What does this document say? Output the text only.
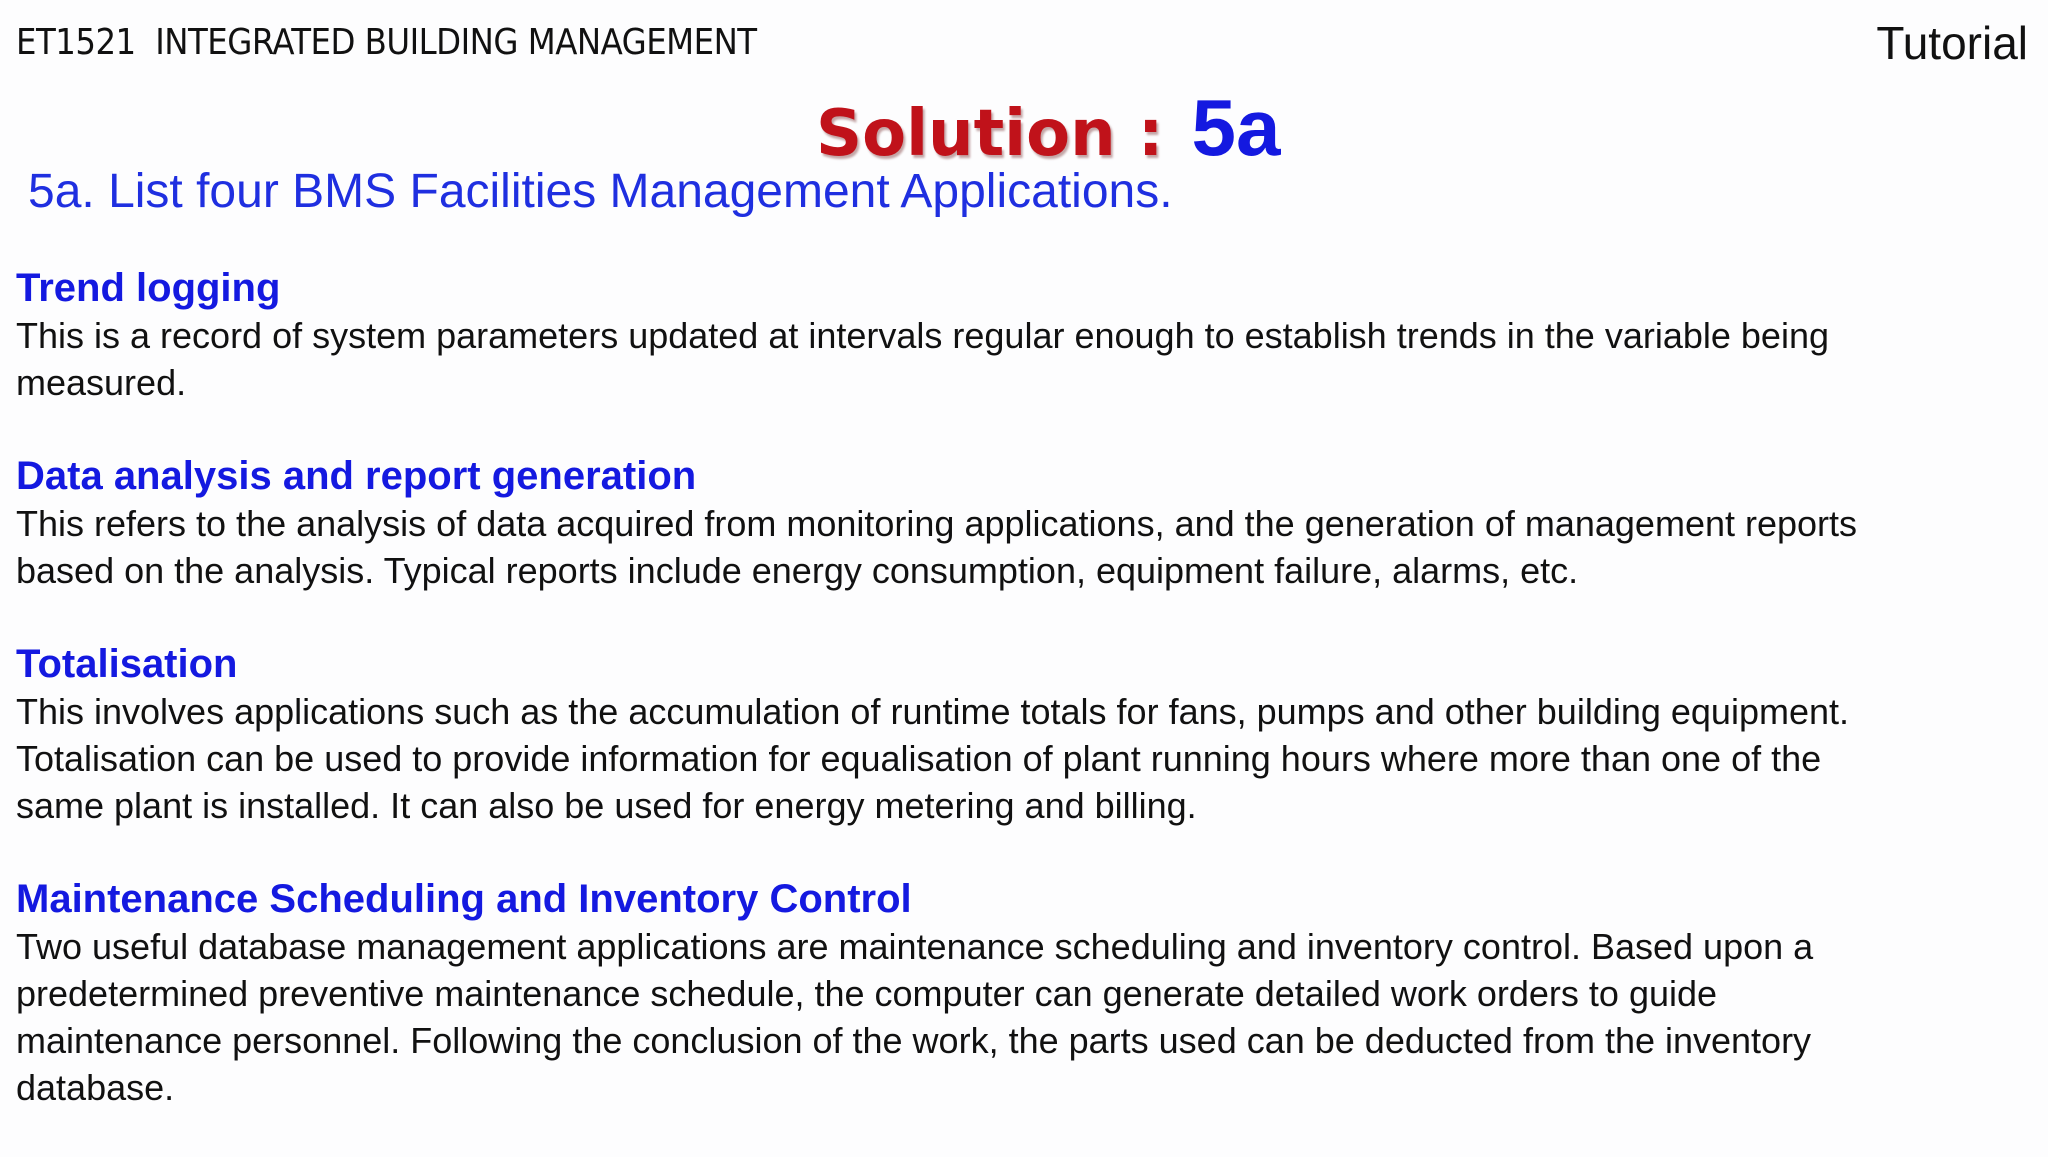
ET1521  INTEGRATED BUILDING MANAGEMENT	Tutorial
Solution : 5a
5a. List four BMS Facilities Management Applications.
Trend logging
This is a record of system parameters updated at intervals regular enough to establish trends in the variable being
measured.
Data analysis and report generation
This refers to the analysis of data acquired from monitoring applications, and the generation of management reports
based on the analysis. Typical reports include energy consumption, equipment failure, alarms, etc.
Totalisation
This involves applications such as the accumulation of runtime totals for fans, pumps and other building equipment.
Totalisation can be used to provide information for equalisation of plant running hours where more than one of the
same plant is installed. It can also be used for energy metering and billing.
Maintenance Scheduling and Inventory Control
Two useful database management applications are maintenance scheduling and inventory control. Based upon a
predetermined preventive maintenance schedule, the computer can generate detailed work orders to guide
maintenance personnel. Following the conclusion of the work, the parts used can be deducted from the inventory
database.
